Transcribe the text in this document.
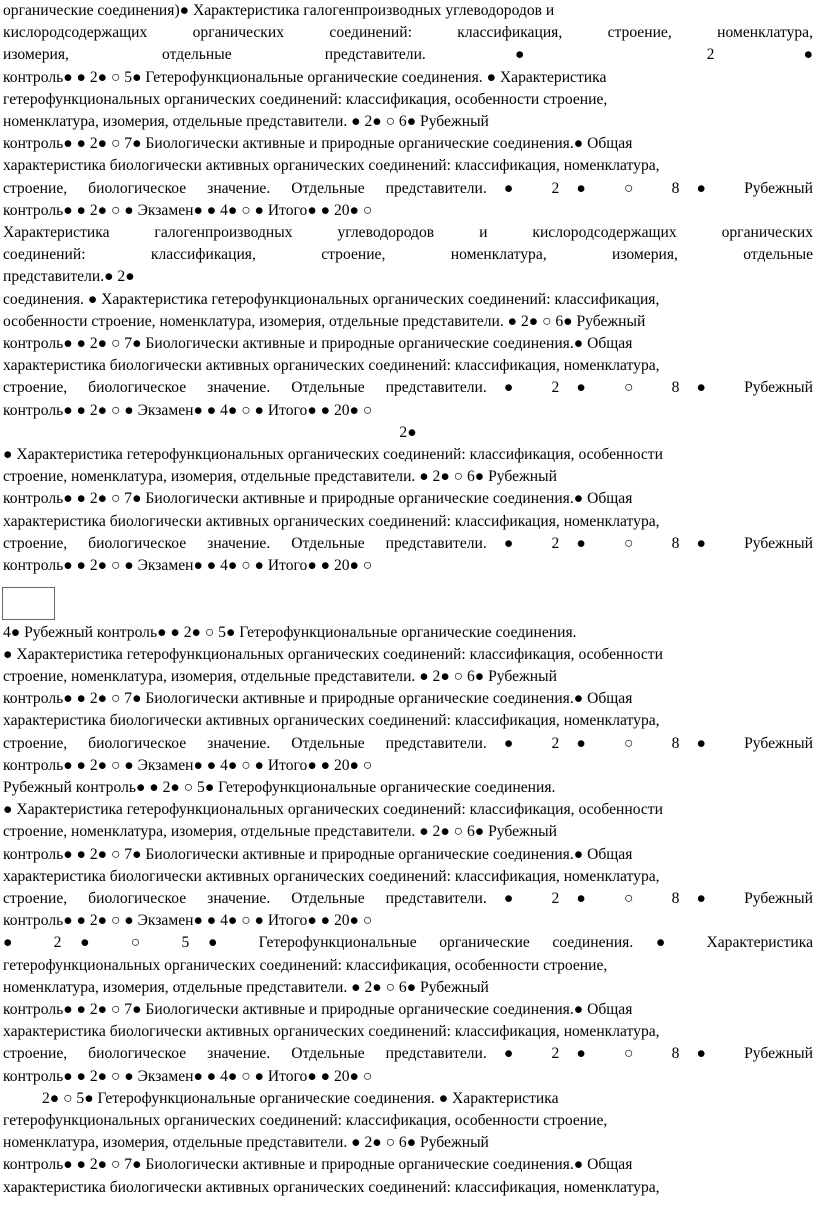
органические соединения)● Характеристика галогенпроизводных углеводородов и
кислородсодержащих органических соединений: классификация, строение, номенклатура,
изомерия, отдельные представители.● 2●
контроль● ● 2● ○ 5● Гетерофункциональные органические соединения. ● Характеристика
гетерофункциональных органических соединений: классификация, особенности строение,
номенклатура, изомерия, отдельные представители. ● 2● ○ 6● Рубежный
контроль● ● 2● ○ 7● Биологически активные и природные органические соединения.● Общая
характеристика биологически активных органических соединений: классификация, номенклатура,
строение, биологическое значение. Отдельные представители.● 2● ○ 8● Рубежный
контроль● ● 2● ○ ● Экзамен● ● 4● ○ ● Итого● ● 20● ○
Характеристика галогенпроизводных углеводородов и кислородсодержащих органических
соединений: классификация, строение, номенклатура, изомерия, отдельные
представители.● 2●
соединения. ● Характеристика гетерофункциональных органических соединений: классификация,
особенности строение, номенклатура, изомерия, отдельные представители. ● 2● ○ 6● Рубежный
контроль● ● 2● ○ 7● Биологически активные и природные органические соединения.● Общая
характеристика биологически активных органических соединений: классификация, номенклатура,
строение, биологическое значение. Отдельные представители.● 2● ○ 8● Рубежный
контроль● ● 2● ○ ● Экзамен● ● 4● ○ ● Итого● ● 20● ○
2●
● Характеристика гетерофункциональных органических соединений: классификация, особенности
строение, номенклатура, изомерия, отдельные представители. ● 2● ○ 6● Рубежный
контроль● ● 2● ○ 7● Биологически активные и природные органические соединения.● Общая
характеристика биологически активных органических соединений: классификация, номенклатура,
строение, биологическое значение. Отдельные представители.● 2● ○ 8● Рубежный
контроль● ● 2● ○ ● Экзамен● ● 4● ○ ● Итого● ● 20● ○
4● Рубежный контроль● ● 2● ○ 5● Гетерофункциональные органические соединения.
● Характеристика гетерофункциональных органических соединений: классификация, особенности
строение, номенклатура, изомерия, отдельные представители. ● 2● ○ 6● Рубежный
контроль● ● 2● ○ 7● Биологически активные и природные органические соединения.● Общая
характеристика биологически активных органических соединений: классификация, номенклатура,
строение, биологическое значение. Отдельные представители.● 2● ○ 8● Рубежный
контроль● ● 2● ○ ● Экзамен● ● 4● ○ ● Итого● ● 20● ○
Рубежный контроль● ● 2● ○ 5● Гетерофункциональные органические соединения.
● Характеристика гетерофункциональных органических соединений: классификация, особенности
строение, номенклатура, изомерия, отдельные представители. ● 2● ○ 6● Рубежный
контроль● ● 2● ○ 7● Биологически активные и природные органические соединения.● Общая
характеристика биологически активных органических соединений: классификация, номенклатура,
строение, биологическое значение. Отдельные представители.● 2● ○ 8● Рубежный
контроль● ● 2● ○ ● Экзамен● ● 4● ○ ● Итого● ● 20● ○
● 2● ○ 5● Гетерофункциональные органические соединения. ● Характеристика
гетерофункциональных органических соединений: классификация, особенности строение,
номенклатура, изомерия, отдельные представители. ● 2● ○ 6● Рубежный
контроль● ● 2● ○ 7● Биологически активные и природные органические соединения.● Общая
характеристика биологически активных органических соединений: классификация, номенклатура,
строение, биологическое значение. Отдельные представители.● 2● ○ 8● Рубежный
контроль● ● 2● ○ ● Экзамен● ● 4● ○ ● Итого● ● 20● ○
2● ○ 5● Гетерофункциональные органические соединения. ● Характеристика
гетерофункциональных органических соединений: классификация, особенности строение,
номенклатура, изомерия, отдельные представители. ● 2● ○ 6● Рубежный
контроль● ● 2● ○ 7● Биологически активные и природные органические соединения.● Общая
характеристика биологически активных органических соединений: классификация, номенклатура,
